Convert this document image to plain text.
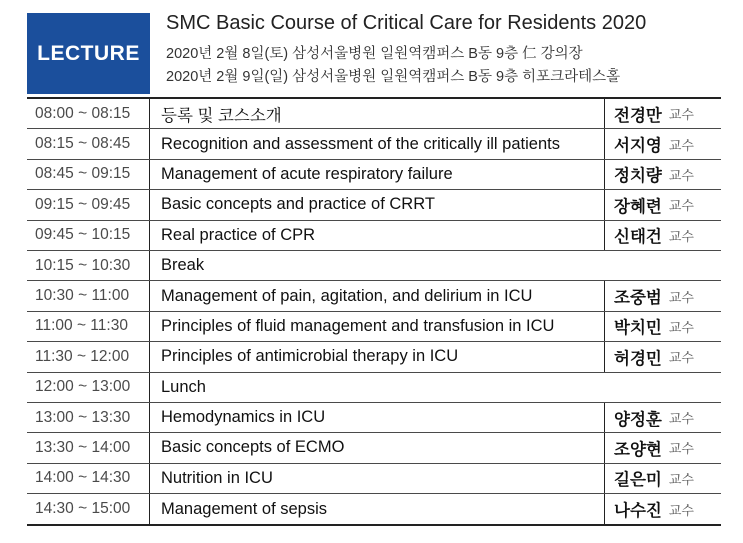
LECTURE
SMC Basic Course of Critical Care for Residents 2020
2020년 2월 8일(토) 삼성서울병원 일원역캠퍼스 B동 9층 仁 강의장
2020년 2월 9일(일) 삼성서울병원 일원역캠퍼스 B동 9층 히포크라테스홀
08:00 ~ 08:15	등록 및 코스소개	전경만 교수
08:15 ~ 08:45	Recognition and assessment of the critically ill patients	서지영 교수
08:45 ~ 09:15	Management of acute respiratory failure	정치량 교수
09:15 ~ 09:45	Basic concepts and practice of CRRT	장혜련 교수
09:45 ~ 10:15	Real practice of CPR	신태건 교수
10:15 ~ 10:30	Break
10:30 ~ 11:00	Management of pain, agitation, and delirium in ICU	조중범 교수
11:00 ~ 11:30	Principles of fluid management and transfusion in ICU	박치민 교수
11:30 ~ 12:00	Principles of antimicrobial therapy in ICU	허경민 교수
12:00 ~ 13:00	Lunch
13:00 ~ 13:30	Hemodynamics in ICU	양정훈 교수
13:30 ~ 14:00	Basic concepts of ECMO	조양현 교수
14:00 ~ 14:30	Nutrition in ICU	길은미 교수
14:30 ~ 15:00	Management of sepsis	나수진 교수
